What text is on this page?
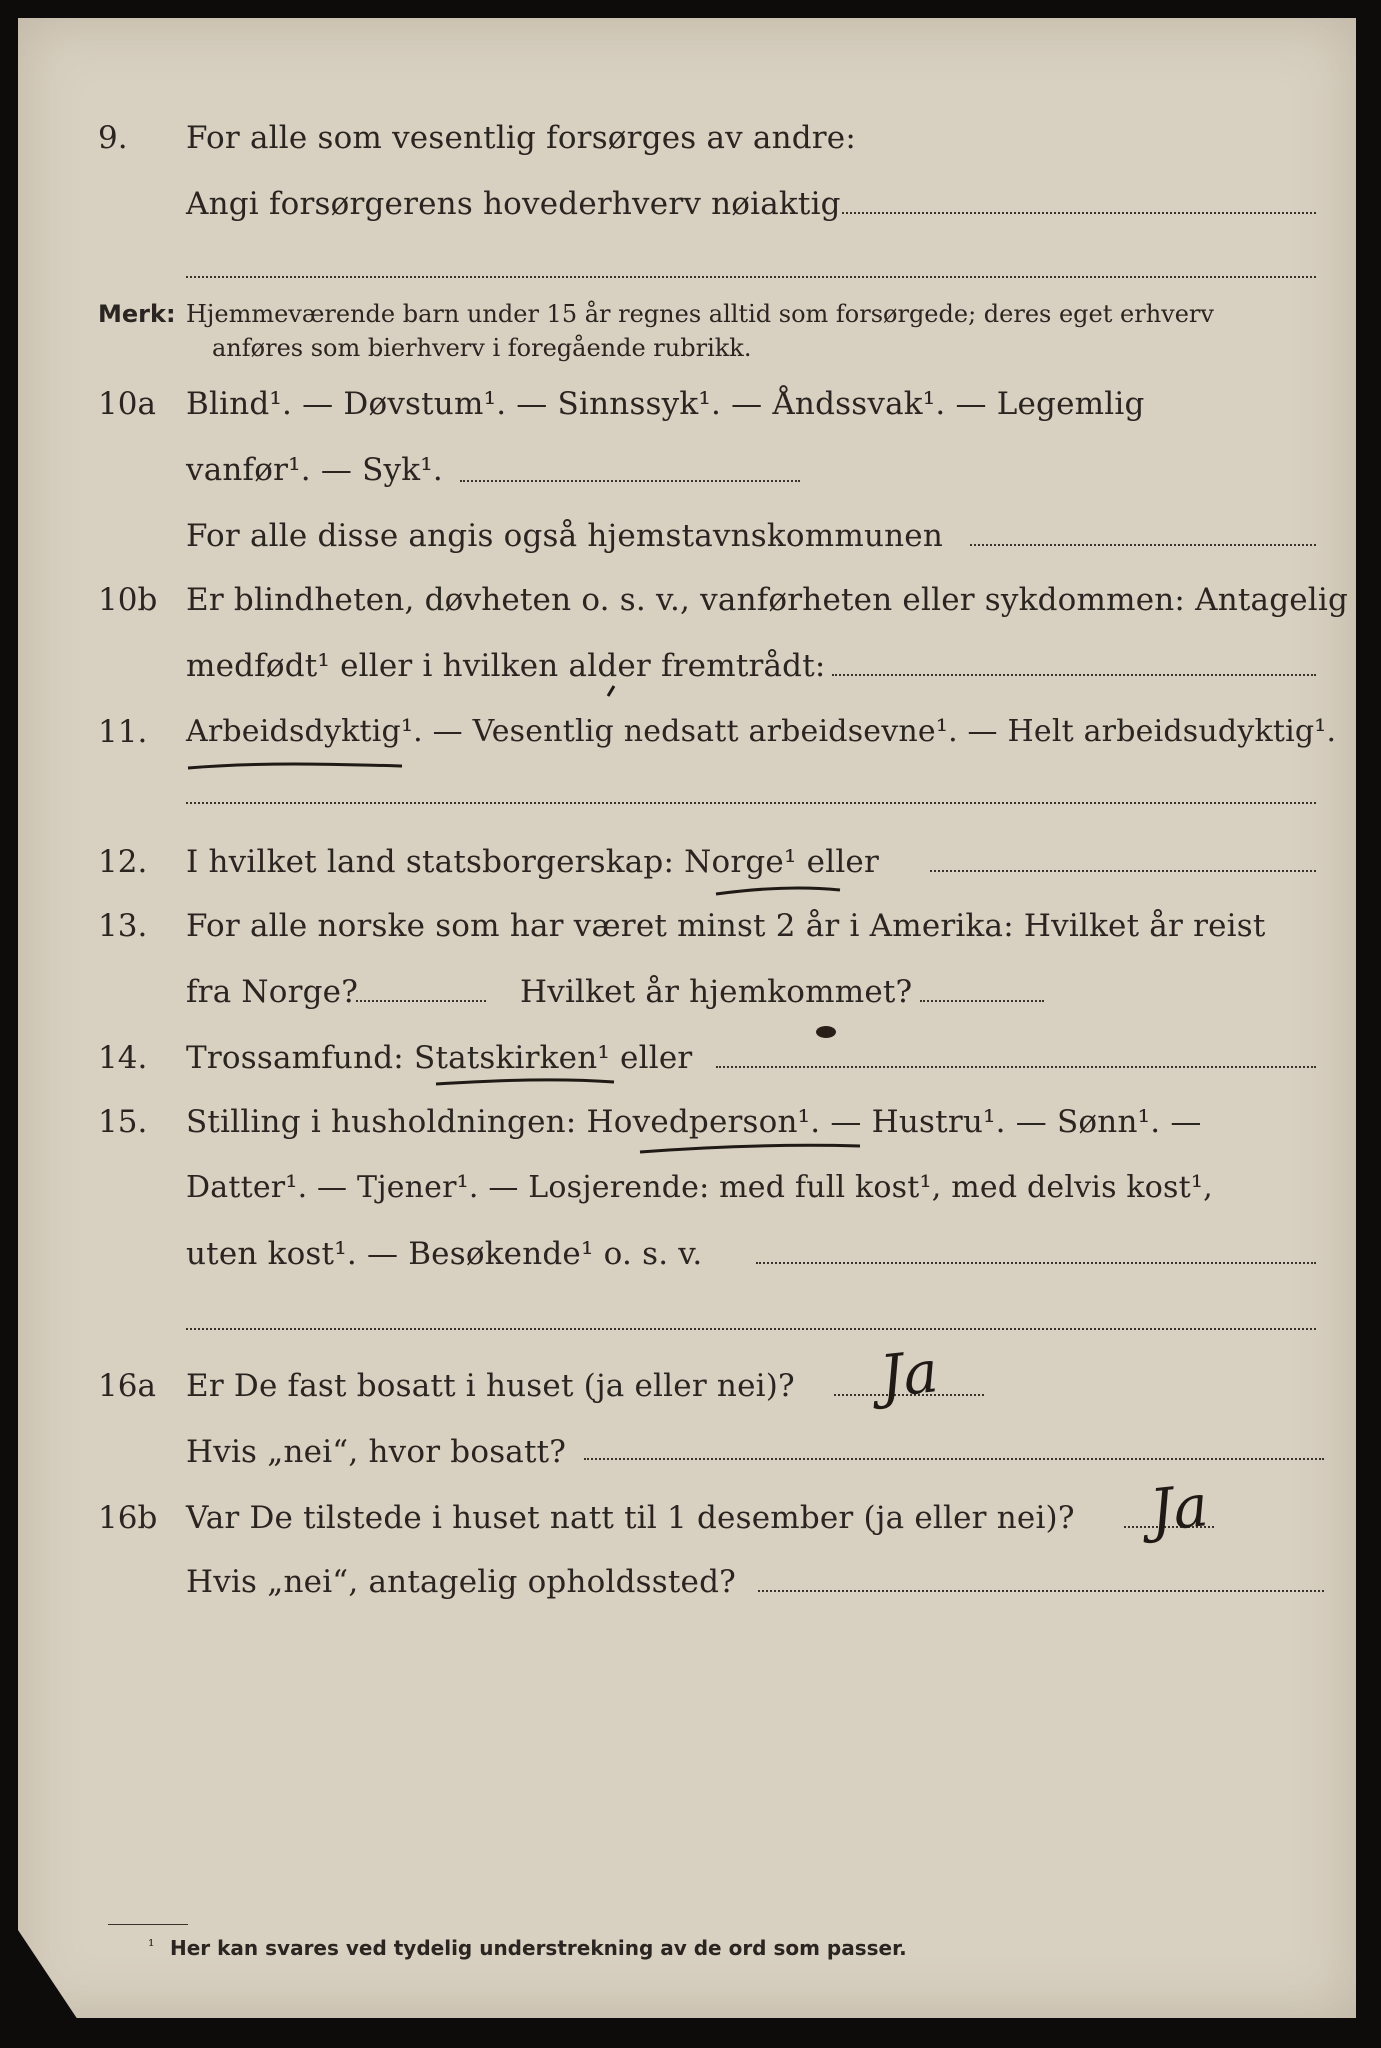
9. For alle som vesentlig forsørges av andre:
Angi forsørgerens hovederhverv nøiaktig
Merk: Hjemmeværende barn under 15 år regnes alltid som forsørgede; deres eget erhverv
anføres som bierhverv i foregående rubrikk.
10a Blind¹. — Døvstum¹. — Sinnssyk¹. — Åndssvak¹. — Legemlig
vanfør¹. — Syk¹.
For alle disse angis også hjemstavnskommunen
10b Er blindheten, døvheten o. s. v., vanførheten eller sykdommen: Antagelig
medfødt¹ eller i hvilken alder fremtrådt:
11. Arbeidsdyktig¹. — Vesentlig nedsatt arbeidsevne¹. — Helt arbeidsudyktig¹.
12. I hvilket land statsborgerskap: Norge¹ eller
13. For alle norske som har været minst 2 år i Amerika: Hvilket år reist
fra Norge?	Hvilket år hjemkommet?
14. Trossamfund: Statskirken¹ eller
15. Stilling i husholdningen: Hovedperson¹. — Hustru¹. — Sønn¹. —
Datter¹. — Tjener¹. — Losjerende: med full kost¹, med delvis kost¹,
uten kost¹. — Besøkende¹ o. s. v.
16a Er De fast bosatt i huset (ja eller nei)?
Hvis „nei“, hvor bosatt?
16b Var De tilstede i huset natt til 1 desember (ja eller nei)?
Hvis „nei“, antagelig opholdssted?
¹ Her kan svares ved tydelig understrekning av de ord som passer.
Ja
Ja
